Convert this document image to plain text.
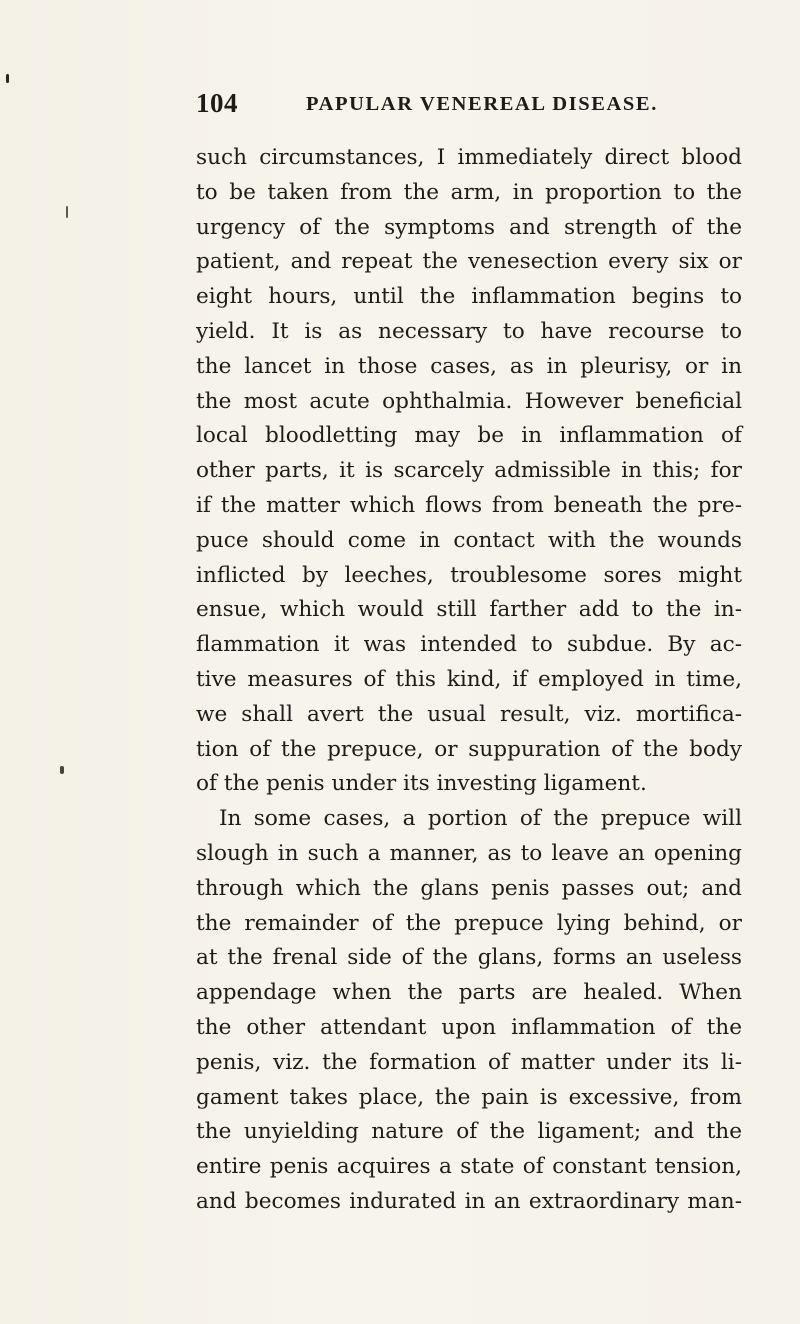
104	PAPULAR VENEREAL DISEASE.
such circumstances, I immediately direct blood
to be taken from the arm, in proportion to the
urgency of the symptoms and strength of the
patient, and repeat the venesection every six or
eight hours, until the inflammation begins to
yield. It is as necessary to have recourse to
the lancet in those cases, as in pleurisy, or in
the most acute ophthalmia. However beneficial
local bloodletting may be in inflammation of
other parts, it is scarcely admissible in this; for
if the matter which flows from beneath the pre-
puce should come in contact with the wounds
inflicted by leeches, troublesome sores might
ensue, which would still farther add to the in-
flammation it was intended to subdue. By ac-
tive measures of this kind, if employed in time,
we shall avert the usual result, viz. mortifica-
tion of the prepuce, or suppuration of the body
of the penis under its investing ligament.
In some cases, a portion of the prepuce will
slough in such a manner, as to leave an opening
through which the glans penis passes out; and
the remainder of the prepuce lying behind, or
at the frenal side of the glans, forms an useless
appendage when the parts are healed. When
the other attendant upon inflammation of the
penis, viz. the formation of matter under its li-
gament takes place, the pain is excessive, from
the unyielding nature of the ligament; and the
entire penis acquires a state of constant tension,
and becomes indurated in an extraordinary man-
